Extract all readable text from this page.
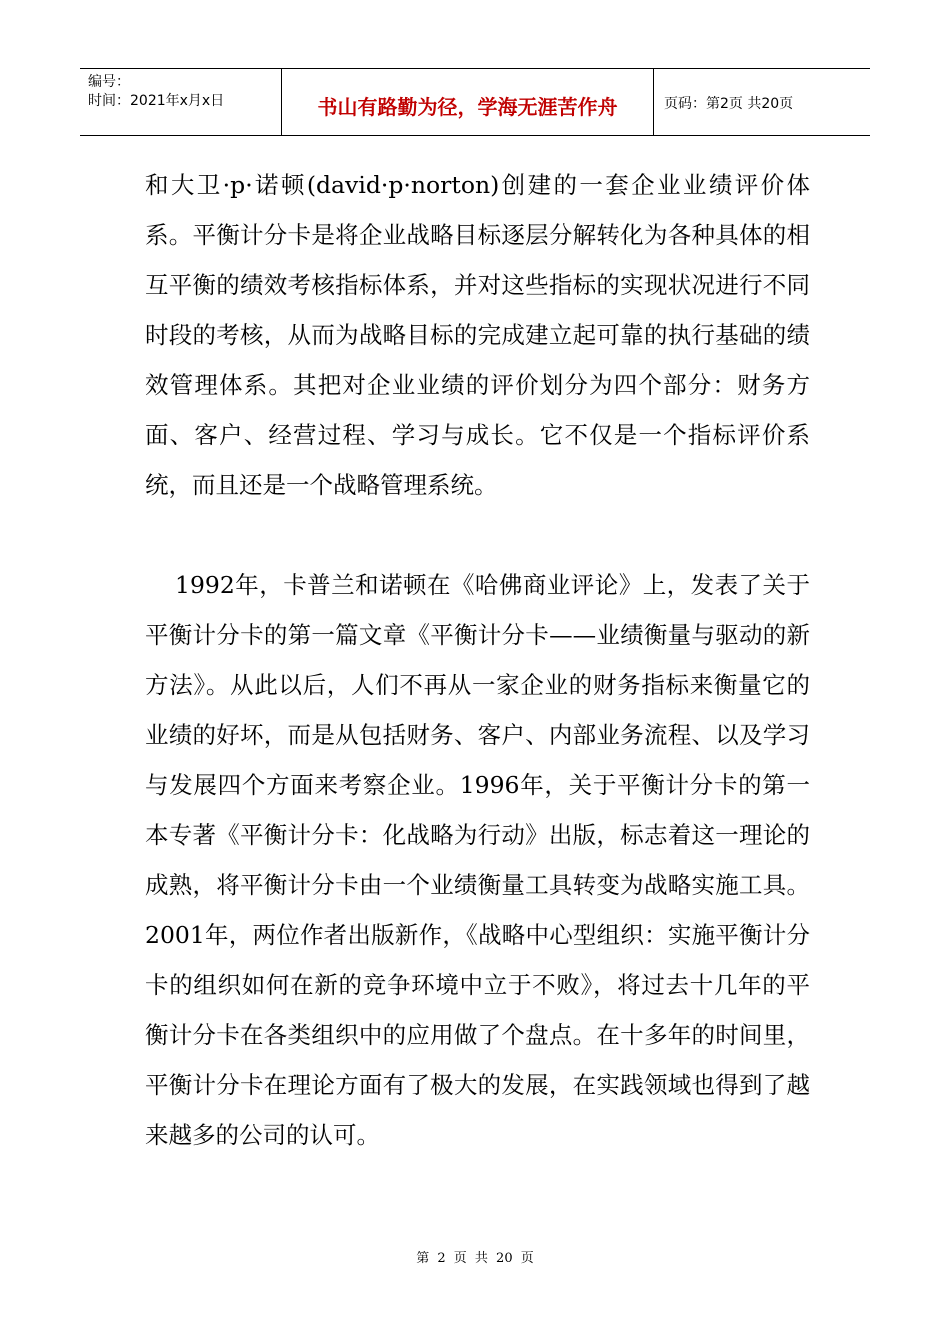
编号：
时间：2021年x月x日	书山有路勤为径，学海无涯苦作舟	页码：第2页 共20页

和大卫·p·诺顿(david·p·norton)创建的一套企业业绩评价体系。平衡计分卡是将企业战略目标逐层分解转化为各种具体的相互平衡的绩效考核指标体系，并对这些指标的实现状况进行不同时段的考核，从而为战略目标的完成建立起可靠的执行基础的绩效管理体系。其把对企业业绩的评价划分为四个部分：财务方面、客户、经营过程、学习与成长。它不仅是一个指标评价系统，而且还是一个战略管理系统。

1992年，卡普兰和诺顿在《哈佛商业评论》上，发表了关于平衡计分卡的第一篇文章《平衡计分卡——业绩衡量与驱动的新方法》。从此以后，人们不再从一家企业的财务指标来衡量它的业绩的好坏，而是从包括财务、客户、内部业务流程、以及学习与发展四个方面来考察企业。1996年，关于平衡计分卡的第一本专著《平衡计分卡：化战略为行动》出版，标志着这一理论的成熟，将平衡计分卡由一个业绩衡量工具转变为战略实施工具。2001年，两位作者出版新作，《战略中心型组织：实施平衡计分卡的组织如何在新的竞争环境中立于不败》，将过去十几年的平衡计分卡在各类组织中的应用做了个盘点。在十多年的时间里，平衡计分卡在理论方面有了极大的发展，在实践领域也得到了越来越多的公司的认可。

第 2 页 共 20 页
